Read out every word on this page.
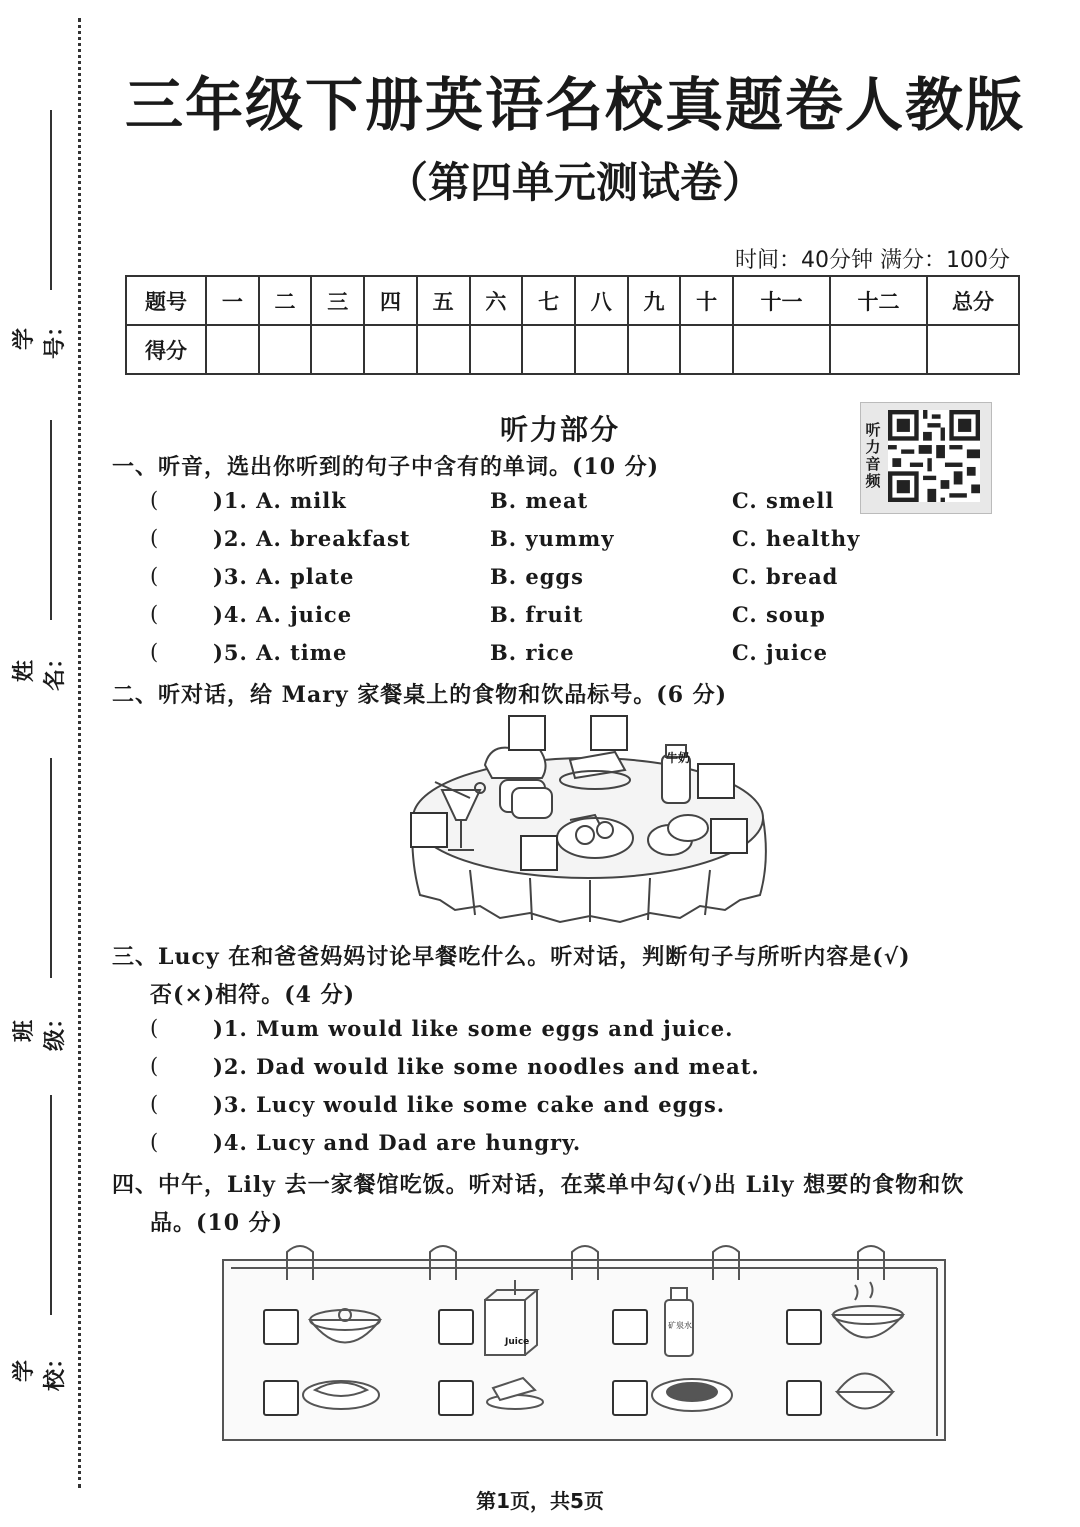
学号：
姓名：
班级：
学校：
三年级下册英语名校真题卷人教版
（第四单元测试卷）
时间：40分钟 满分：100分
题号	一	二	三	四	五	六	七	八	九	十	十一	十二	总分
得分													
听力部分	听力音频
一、听音，选出你听到的句子中含有的单词。(10 分)
(	)1. A. milk	B. meat	C. smell
(	)2. A. breakfast	B. yummy	C. healthy
(	)3. A. plate	B. eggs	C. bread
(	)4. A. juice	B. fruit	C. soup
(	)5. A. time	B. rice	C. juice
二、听对话，给 Mary 家餐桌上的食物和饮品标号。(6 分)
牛奶
三、Lucy 在和爸爸妈妈讨论早餐吃什么。听对话，判断句子与所听内容是(√)
否(×)相符。(4 分)
(	)1. Mum would like some eggs and juice.
(	)2. Dad would like some noodles and meat.
(	)3. Lucy would like some cake and eggs.
(	)4. Lucy and Dad are hungry.
四、中午，Lily 去一家餐馆吃饭。听对话，在菜单中勾(√)出 Lily 想要的食物和饮
品。(10 分)
Juice
矿泉水
第1页，共5页
